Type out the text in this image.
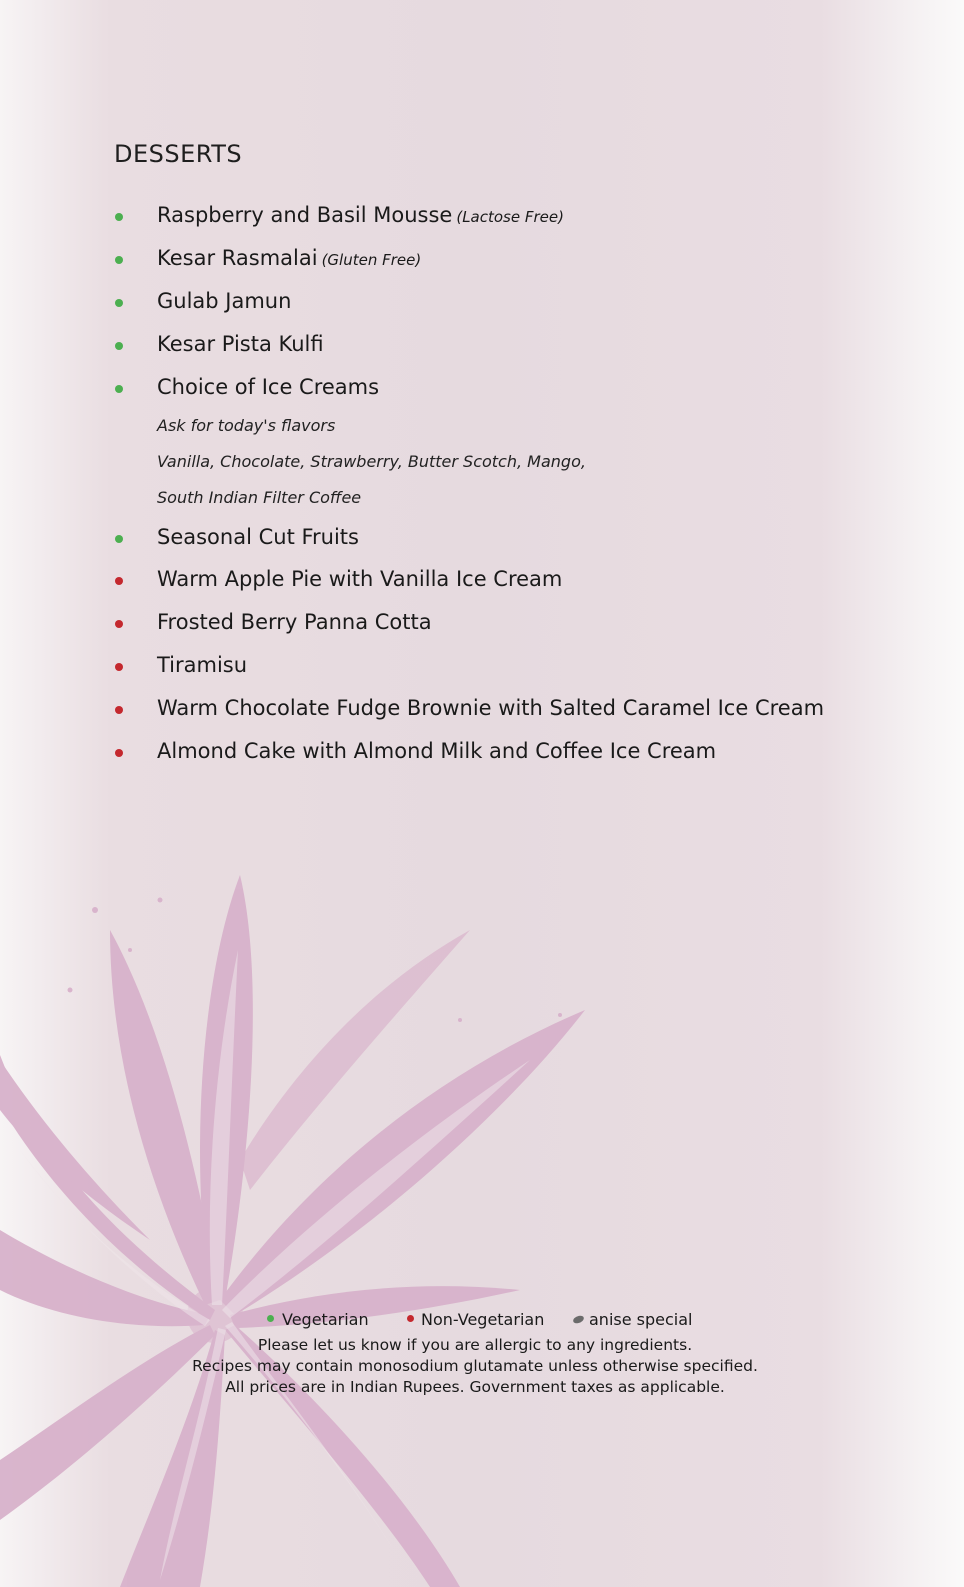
DESSERTS
Raspberry and Basil Mousse (Lactose Free)
Kesar Rasmalai (Gluten Free)
Gulab Jamun
Kesar Pista Kulfi
Choice of Ice Creams
Seasonal Cut Fruits
Warm Apple Pie with Vanilla Ice Cream
Frosted Berry Panna Cotta
Tiramisu
Warm Chocolate Fudge Brownie with Salted Caramel Ice Cream
Almond Cake with Almond Milk and Coffee Ice Cream
Ask for today's flavors
Vanilla, Chocolate, Strawberry, Butter Scotch, Mango,
South Indian Filter Coffee
Vegetarian	Non-Vegetarian	anise special
Please let us know if you are allergic to any ingredients.
Recipes may contain monosodium glutamate unless otherwise specified.
All prices are in Indian Rupees. Government taxes as applicable.
